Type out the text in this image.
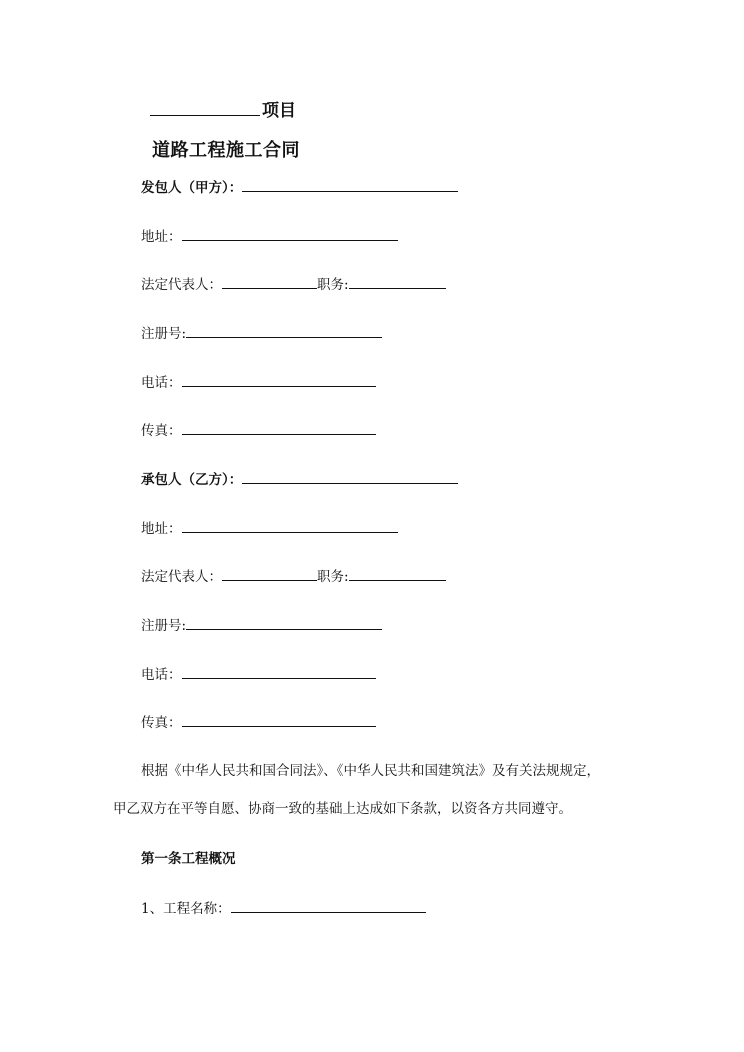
项目
道路工程施工合同
发包人（甲方）：
地址：
法定代表人：	职务:
注册号:
电话：
传真：
承包人（乙方）：
地址：
法定代表人：	职务:
注册号:
电话：
传真：
根据《中华人民共和国合同法》、《中华人民共和国建筑法》及有关法规规定，
甲乙双方在平等自愿、协商一致的基础上达成如下条款，以资各方共同遵守。
第一条工程概况
1、工程名称：
